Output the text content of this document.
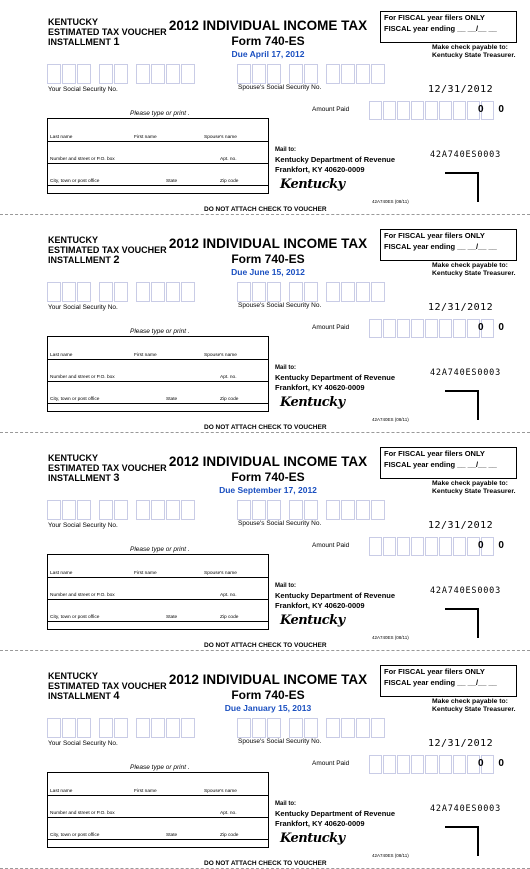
KENTUCKY
ESTIMATED TAX VOUCHER
INSTALLMENT 1
2012 INDIVIDUAL INCOME TAX
Form 740-ES
Due April 17, 2012
For FISCAL year filers ONLY
FISCAL year ending __ __/__ __
Make check payable to:
Kentucky State Treasurer.
Your Social Security No.	Spouse's Social Security No.	12/31/2012
Please type or print .
Amount Paid	0 0
Last name	First name	Spouse's name
Number and street or P.O. box	Apt. no.
City, town or post office	State	Zip code
Mail to:
Kentucky Department of Revenue
Frankfort, KY 40620-0009
Kentucky
42A740ES0003
42A740ES (08/11)
DO NOT ATTACH CHECK TO VOUCHER
KENTUCKY
ESTIMATED TAX VOUCHER
INSTALLMENT 2
2012 INDIVIDUAL INCOME TAX
Form 740-ES
Due June 15, 2012
For FISCAL year filers ONLY
FISCAL year ending __ __/__ __
Make check payable to:
Kentucky State Treasurer.
Your Social Security No.	Spouse's Social Security No.	12/31/2012
Please type or print .
Amount Paid	0 0
Last name	First name	Spouse's name
Number and street or P.O. box	Apt. no.
City, town or post office	State	Zip code
Mail to:
Kentucky Department of Revenue
Frankfort, KY 40620-0009
Kentucky
42A740ES0003
42A740ES (08/11)
DO NOT ATTACH CHECK TO VOUCHER
KENTUCKY
ESTIMATED TAX VOUCHER
INSTALLMENT 3
2012 INDIVIDUAL INCOME TAX
Form 740-ES
Due September 17, 2012
For FISCAL year filers ONLY
FISCAL year ending __ __/__ __
Make check payable to:
Kentucky State Treasurer.
Your Social Security No.	Spouse's Social Security No.	12/31/2012
Please type or print .
Amount Paid	0 0
Last name	First name	Spouse's name
Number and street or P.O. box	Apt. no.
City, town or post office	State	Zip code
Mail to:
Kentucky Department of Revenue
Frankfort, KY 40620-0009
Kentucky
42A740ES0003
42A740ES (08/11)
DO NOT ATTACH CHECK TO VOUCHER
KENTUCKY
ESTIMATED TAX VOUCHER
INSTALLMENT 4
2012 INDIVIDUAL INCOME TAX
Form 740-ES
Due January 15, 2013
For FISCAL year filers ONLY
FISCAL year ending __ __/__ __
Make check payable to:
Kentucky State Treasurer.
Your Social Security No.	Spouse's Social Security No.	12/31/2012
Please type or print .
Amount Paid	0 0
Last name	First name	Spouse's name
Number and street or P.O. box	Apt. no.
City, town or post office	State	Zip code
Mail to:
Kentucky Department of Revenue
Frankfort, KY 40620-0009
Kentucky
42A740ES0003
42A740ES (08/11)
DO NOT ATTACH CHECK TO VOUCHER
